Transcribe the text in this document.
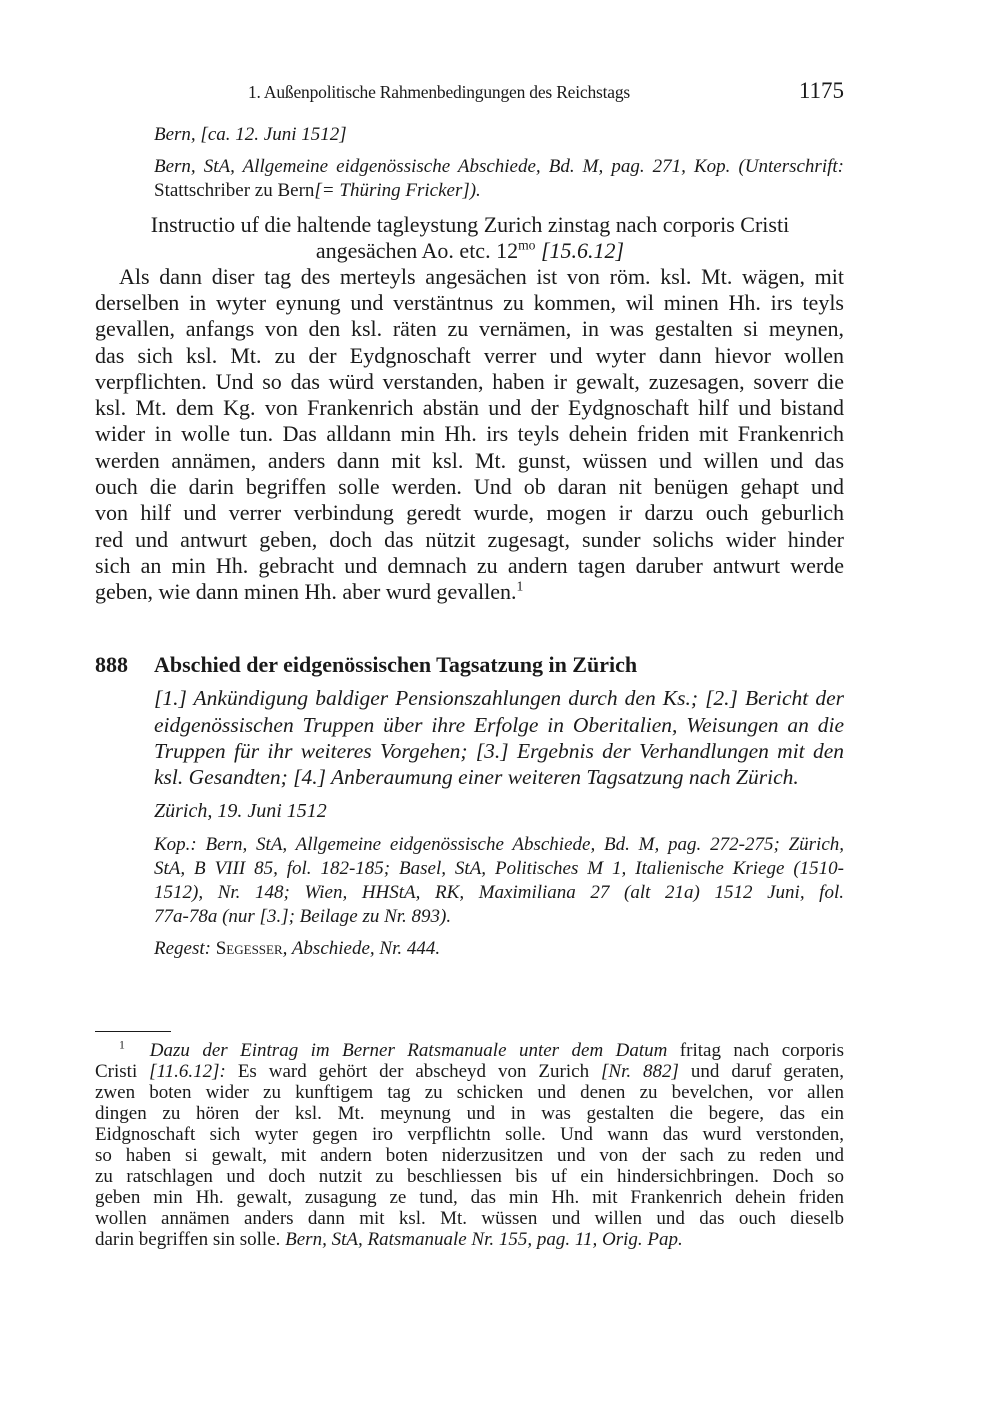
1. Außenpolitische Rahmenbedingungen des Reichstags	1175
Bern, [ca. 12. Juni 1512]
Bern, StA, Allgemeine eidgenössische Abschiede, Bd. M, pag. 271, Kop. (Unterschrift:
Stattschriber zu Bern[= Thüring Fricker]).
Instructio uf die haltende tagleystung Zurich zinstag nach corporis Cristi
angesächen Ao. etc. $12^{mo}$ [15.6.12]
Als dann diser tag des merteyls angesächen ist von röm. ksl. Mt. wägen, mit
derselben in wyter eynung und verstäntnus zu kommen, wil minen Hh. irs teyls
gevallen, anfangs von den ksl. räten zu vernämen, in was gestalten si meynen,
das sich ksl. Mt. zu der Eydgnoschaft verrer und wyter dann hievor wollen
verpflichten. Und so das würd verstanden, haben ir gewalt, zuzesagen, soverr die
ksl. Mt. dem Kg. von Frankenrich abstän und der Eydgnoschaft hilf und bistand
wider in wolle tun. Das alldann min Hh. irs teyls dehein friden mit Frankenrich
werden annämen, anders dann mit ksl. Mt. gunst, wüssen und willen und das
ouch die darin begriffen solle werden. Und ob daran nit benügen gehapt und
von hilf und verrer verbindung geredt wurde, mogen ir darzu ouch geburlich
red und antwurt geben, doch das nützit zugesagt, sunder solichs wider hinder
sich an min Hh. gebracht und demnach zu andern tagen daruber antwurt werde
geben, wie dann minen Hh. aber wurd gevallen.$^1$
888 Abschied der eidgenössischen Tagsatzung in Zürich
[1.] Ankündigung baldiger Pensionszahlungen durch den Ks.; [2.] Bericht der
eidgenössischen Truppen über ihre Erfolge in Oberitalien, Weisungen an die
Truppen für ihr weiteres Vorgehen; [3.] Ergebnis der Verhandlungen mit den
ksl. Gesandten; [4.] Anberaumung einer weiteren Tagsatzung nach Zürich.
Zürich, 19. Juni 1512
Kop.: Bern, StA, Allgemeine eidgenössische Abschiede, Bd. M, pag. 272-275; Zürich,
StA, B VIII 85, fol. 182-185; Basel, StA, Politisches M 1, Italienische Kriege (1510-
1512), Nr. 148; Wien, HHStA, RK, Maximiliana 27 (alt 21a) 1512 Juni, fol.
77a-78a (nur [3.]; Beilage zu Nr. 893).
Regest: Segesser, Abschiede, Nr. 444.
$^1$ Dazu der Eintrag im Berner Ratsmanuale unter dem Datum fritag nach corporis
Cristi [11.6.12]: Es ward gehört der abscheyd von Zurich [Nr. 882] und daruf geraten,
zwen boten wider zu kunftigem tag zu schicken und denen zu bevelchen, vor allen
dingen zu hören der ksl. Mt. meynung und in was gestalten die begere, das ein
Eidgnoschaft sich wyter gegen iro verpflichtn solle. Und wann das wurd verstonden,
so haben si gewalt, mit andern boten niderzusitzen und von der sach zu reden und
zu ratschlagen und doch nutzit zu beschliessen bis uf ein hindersichbringen. Doch so
geben min Hh. gewalt, zusagung ze tund, das min Hh. mit Frankenrich dehein friden
wollen annämen anders dann mit ksl. Mt. wüssen und willen und das ouch dieselb
darin begriffen sin solle. Bern, StA, Ratsmanuale Nr. 155, pag. 11, Orig. Pap.
